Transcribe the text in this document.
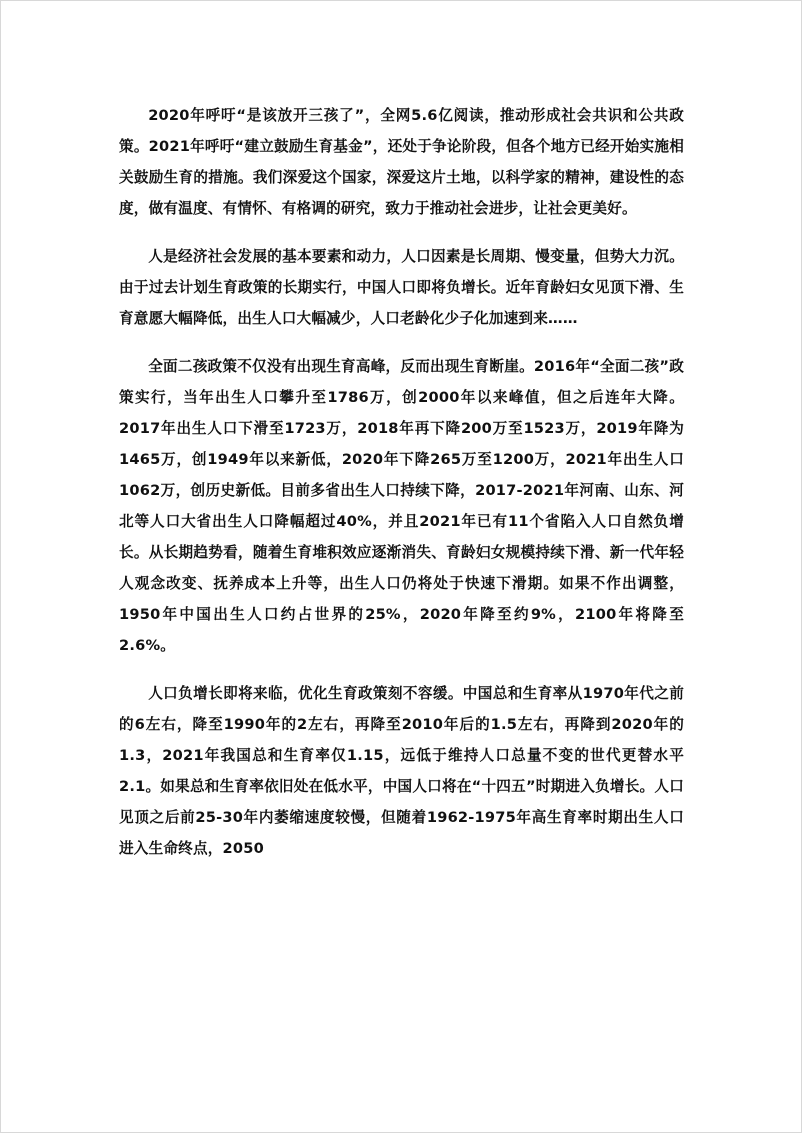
2020年呼吁“是该放开三孩了”，全网5.6亿阅读，推动形成社会共识和公共政策。2021年呼吁“建立鼓励生育基金”，还处于争论阶段，但各个地方已经开始实施相关鼓励生育的措施。我们深爱这个国家，深爱这片土地，以科学家的精神，建设性的态度，做有温度、有情怀、有格调的研究，致力于推动社会进步，让社会更美好。

人是经济社会发展的基本要素和动力，人口因素是长周期、慢变量，但势大力沉。由于过去计划生育政策的长期实行，中国人口即将负增长。近年育龄妇女见顶下滑、生育意愿大幅降低，出生人口大幅减少，人口老龄化少子化加速到来……

全面二孩政策不仅没有出现生育高峰，反而出现生育断崖。2016年“全面二孩”政策实行，当年出生人口攀升至1786万，创2000年以来峰值，但之后连年大降。2017年出生人口下滑至1723万，2018年再下降200万至1523万，2019年降为1465万，创1949年以来新低，2020年下降265万至1200万，2021年出生人口1062万，创历史新低。目前多省出生人口持续下降，2017-2021年河南、山东、河北等人口大省出生人口降幅超过40%，并且2021年已有11个省陷入人口自然负增长。从长期趋势看，随着生育堆积效应逐渐消失、育龄妇女规模持续下滑、新一代年轻人观念改变、抚养成本上升等，出生人口仍将处于快速下滑期。如果不作出调整，1950年中国出生人口约占世界的25%，2020年降至约9%，2100年将降至2.6%。

人口负增长即将来临，优化生育政策刻不容缓。中国总和生育率从1970年代之前的6左右，降至1990年的2左右，再降至2010年后的1.5左右，再降到2020年的1.3，2021年我国总和生育率仅1.15，远低于维持人口总量不变的世代更替水平2.1。如果总和生育率依旧处在低水平，中国人口将在“十四五”时期进入负增长。人口见顶之后前25-30年内萎缩速度较慢，但随着1962-1975年高生育率时期出生人口进入生命终点，2050
